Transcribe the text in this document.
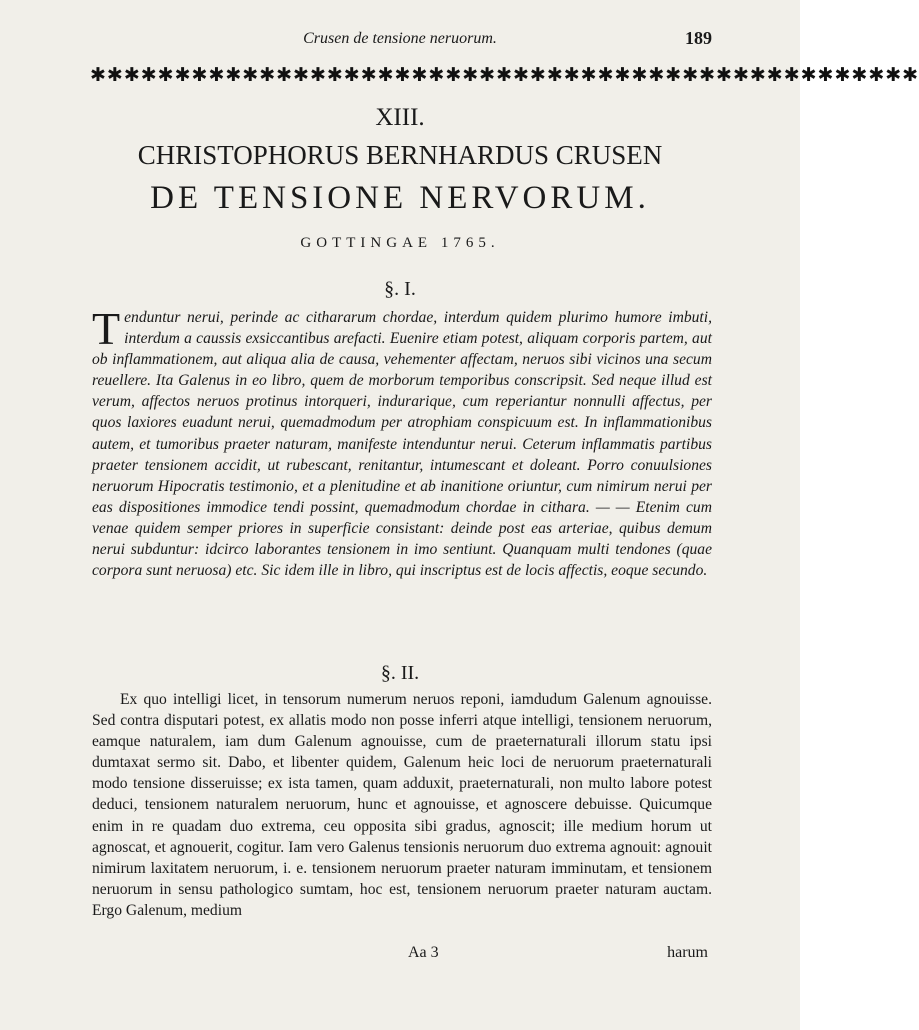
Crusen de tensione neruorum.	189
✱✱✱✱✱✱✱✱✱✱✱✱✱✱✱✱✱✱✱✱✱✱✱✱✱✱✱✱✱✱✱✱✱✱✱✱✱✱✱✱✱✱✱✱✱✱✱✱✱
XIII.
CHRISTOPHORUS BERNHARDUS CRUSEN
DE TENSIONE NERVORUM.
GOTTINGAE 1765.
§. I.
Tenduntur nerui, perinde ac cithararum chordae, interdum quidem plurimo humore imbuti, interdum a caussis exsiccantibus arefacti. Euenire etiam potest, aliquam corporis partem, aut ob inflammationem, aut aliqua alia de causa, vehementer affectam, neruos sibi vicinos una secum reuellere. Ita Galenus in eo libro, quem de morborum temporibus conscripsit. Sed neque illud est verum, affectos neruos protinus intorqueri, indurarique, cum reperiantur nonnulli affectus, per quos laxiores euadunt nerui, quemadmodum per atrophiam conspicuum est. In inflammationibus autem, et tumoribus praeter naturam, manifeste intenduntur nerui. Ceterum inflammatis partibus praeter tensionem accidit, ut rubescant, renitantur, intumescant et doleant. Porro conuulsiones neruorum Hipocratis testimonio, et a plenitudine et ab inanitione oriuntur, cum nimirum nerui per eas dispositiones immodice tendi possint, quemadmodum chordae in cithara. — — Etenim cum venae quidem semper priores in superficie consistant: deinde post eas arteriae, quibus demum nerui subduntur: idcirco laborantes tensionem in imo sentiunt. Quanquam multi tendones (quae corpora sunt neruosa) etc. Sic idem ille in libro, qui inscriptus est de locis affectis, eoque secundo.
§. II.
Ex quo intelligi licet, in tensorum numerum neruos reponi, iamdudum Galenum agnouisse. Sed contra disputari potest, ex allatis modo non posse inferri atque intelligi, tensionem neruorum, eamque naturalem, iam dum Galenum agnouisse, cum de praeternaturali illorum statu ipsi dumtaxat sermo sit. Dabo, et libenter quidem, Galenum heic loci de neruorum praeternaturali modo tensione disseruisse; ex ista tamen, quam adduxit, praeternaturali, non multo labore potest deduci, tensionem naturalem neruorum, hunc et agnouisse, et agnoscere debuisse. Quicumque enim in re quadam duo extrema, ceu opposita sibi gradus, agnoscit; ille medium horum ut agnoscat, et agnouerit, cogitur. Iam vero Galenus tensionis neruorum duo extrema agnouit: agnouit nimirum laxitatem neruorum, i. e. tensionem neruorum praeter naturam imminutam, et tensionem neruorum in sensu pathologico sumtam, hoc est, tensionem neruorum praeter naturam auctam. Ergo Galenum, medium
Aa 3	harum
